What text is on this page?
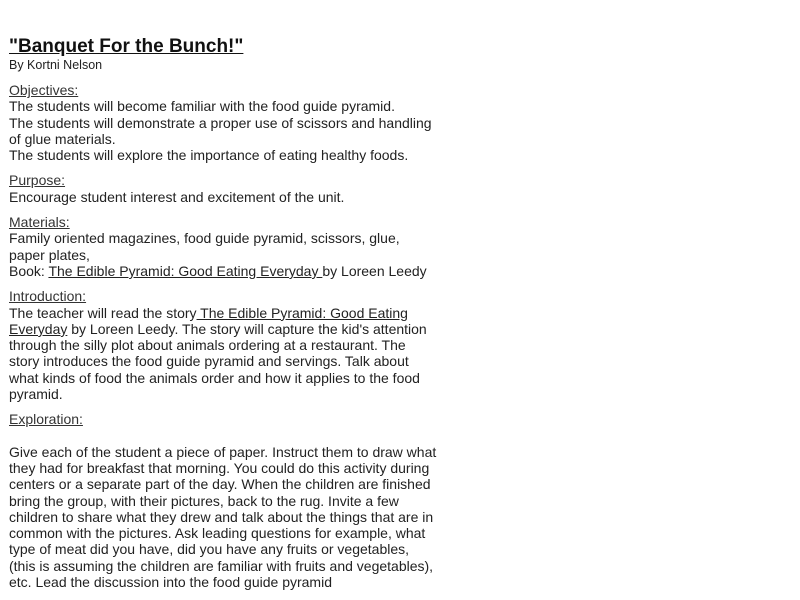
"Banquet For the Bunch!"

By Kortni Nelson

Objectives:
The students will become familiar with the food guide pyramid.
The students will demonstrate a proper use of scissors and handling of glue materials.
The students will explore the importance of eating healthy foods.
Purpose:
Encourage student interest and excitement of the unit.
Materials:
Family oriented magazines, food guide pyramid, scissors, glue, paper plates,
Book: The Edible Pyramid: Good Eating Everyday by Loreen Leedy
Introduction:
The teacher will read the story The Edible Pyramid: Good Eating Everyday by Loreen Leedy. The story will capture the kid's attention through the silly plot about animals ordering at a restaurant. The story introduces the food guide pyramid and servings. Talk about what kinds of food the animals order and how it applies to the food pyramid.
Exploration:
Give each of the student a piece of paper. Instruct them to draw what they had for breakfast that morning. You could do this activity during centers or a separate part of the day. When the children are finished bring the group, with their pictures, back to the rug. Invite a few children to share what they drew and talk about the things that are in common with the pictures. Ask leading questions for example, what type of meat did you have, did you have any fruits or vegetables, (this is assuming the children are familiar with fruits and vegetables), etc. Lead the discussion into the food guide pyramid
